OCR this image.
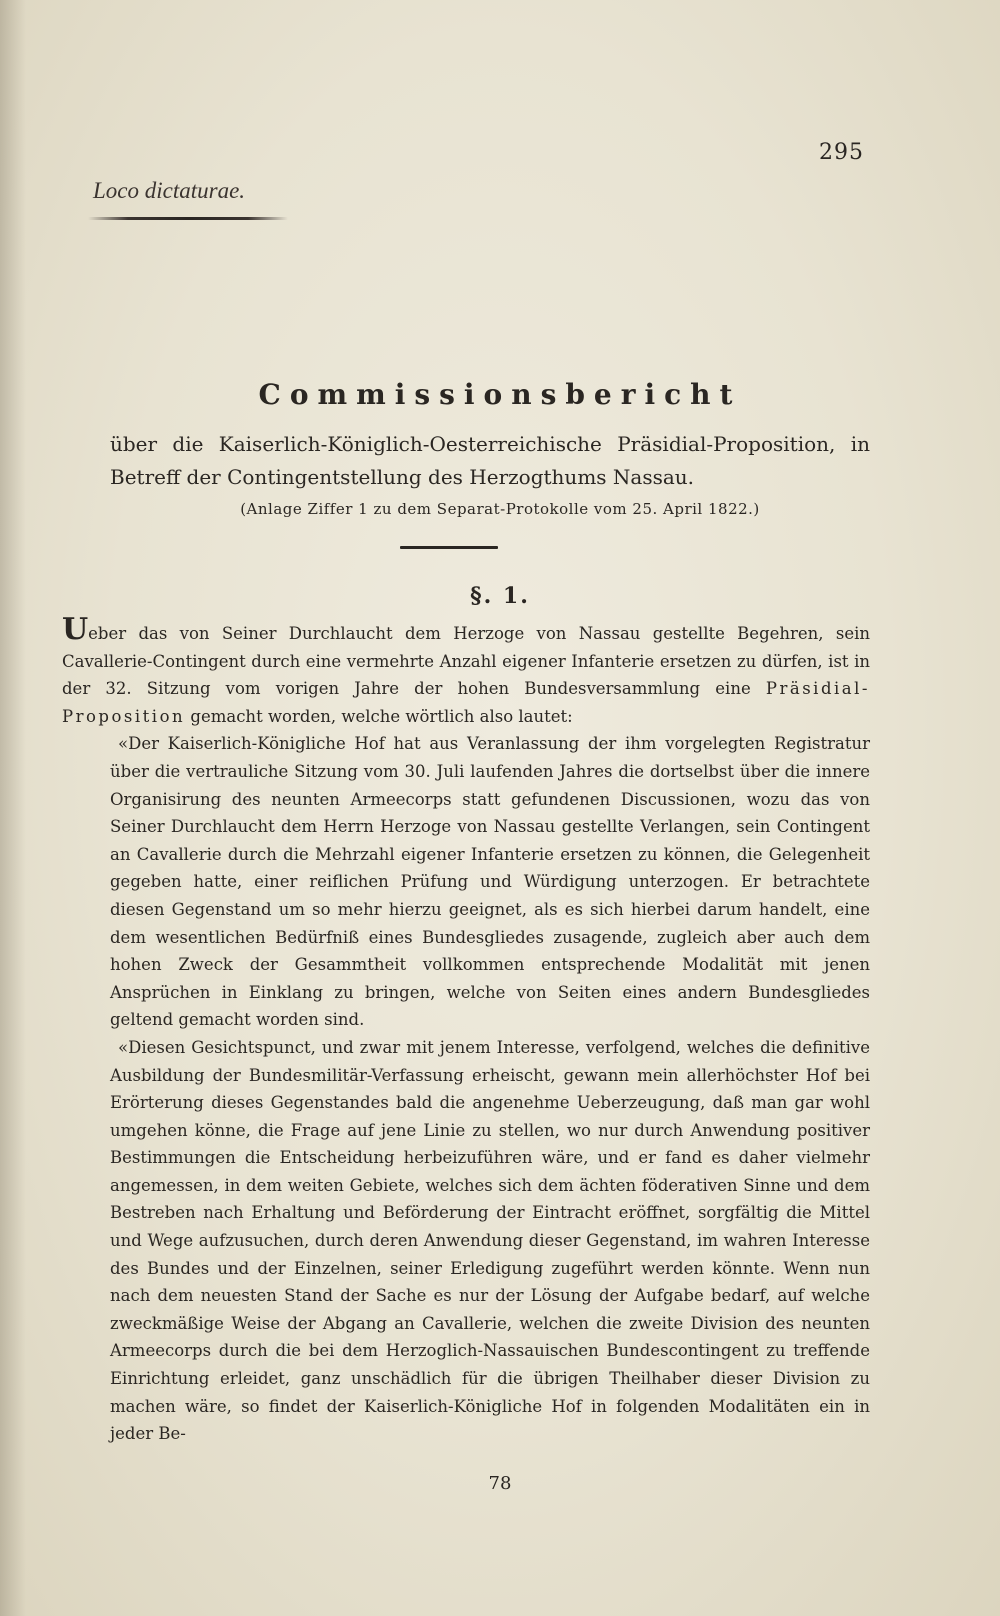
295
Loco dictaturae.
Commissionsbericht
über die Kaiserlich-Königlich-Oesterreichische Präsidial-Proposition, in Betreff der Contingentstellung des Herzogthums Nassau.
(Anlage Ziffer 1 zu dem Separat-Protokolle vom 25. April 1822.)
§. 1.

Ueber das von Seiner Durchlaucht dem Herzoge von Nassau gestellte Begehren, sein Cavallerie-Contingent durch eine vermehrte Anzahl eigener Infanterie ersetzen zu dürfen, ist in der 32. Sitzung vom vorigen Jahre der hohen Bundesversammlung eine Präsidial-Proposition gemacht worden, welche wörtlich also lautet:

«Der Kaiserlich-Königliche Hof hat aus Veranlassung der ihm vorgelegten Registratur über die vertrauliche Sitzung vom 30. Juli laufenden Jahres die dortselbst über die innere Organisirung des neunten Armeecorps statt gefundenen Discussionen, wozu das von Seiner Durchlaucht dem Herrn Herzoge von Nassau gestellte Verlangen, sein Contingent an Cavallerie durch die Mehrzahl eigener Infanterie ersetzen zu können, die Gelegenheit gegeben hatte, einer reiflichen Prüfung und Würdigung unterzogen. Er betrachtete diesen Gegenstand um so mehr hierzu geeignet, als es sich hierbei darum handelt, eine dem wesentlichen Bedürfniß eines Bundesgliedes zusagende, zugleich aber auch dem hohen Zweck der Gesammtheit vollkommen entsprechende Modalität mit jenen Ansprüchen in Einklang zu bringen, welche von Seiten eines andern Bundesgliedes geltend gemacht worden sind.

«Diesen Gesichtspunct, und zwar mit jenem Interesse, verfolgend, welches die definitive Ausbildung der Bundesmilitär-Verfassung erheischt, gewann mein allerhöchster Hof bei Erörterung dieses Gegenstandes bald die angenehme Ueberzeugung, daß man gar wohl umgehen könne, die Frage auf jene Linie zu stellen, wo nur durch Anwendung positiver Bestimmungen die Entscheidung herbeizuführen wäre, und er fand es daher vielmehr angemessen, in dem weiten Gebiete, welches sich dem ächten föderativen Sinne und dem Bestreben nach Erhaltung und Beförderung der Eintracht eröffnet, sorgfältig die Mittel und Wege aufzusuchen, durch deren Anwendung dieser Gegenstand, im wahren Interesse des Bundes und der Einzelnen, seiner Erledigung zugeführt werden könnte. Wenn nun nach dem neuesten Stand der Sache es nur der Lösung der Aufgabe bedarf, auf welche zweckmäßige Weise der Abgang an Cavallerie, welchen die zweite Division des neunten Armeecorps durch die bei dem Herzoglich-Nassauischen Bundescontingent zu treffende Einrichtung erleidet, ganz unschädlich für die übrigen Theilhaber dieser Division zu machen wäre, so findet der Kaiserlich-Königliche Hof in folgenden Modalitäten ein in jeder Be-

78
